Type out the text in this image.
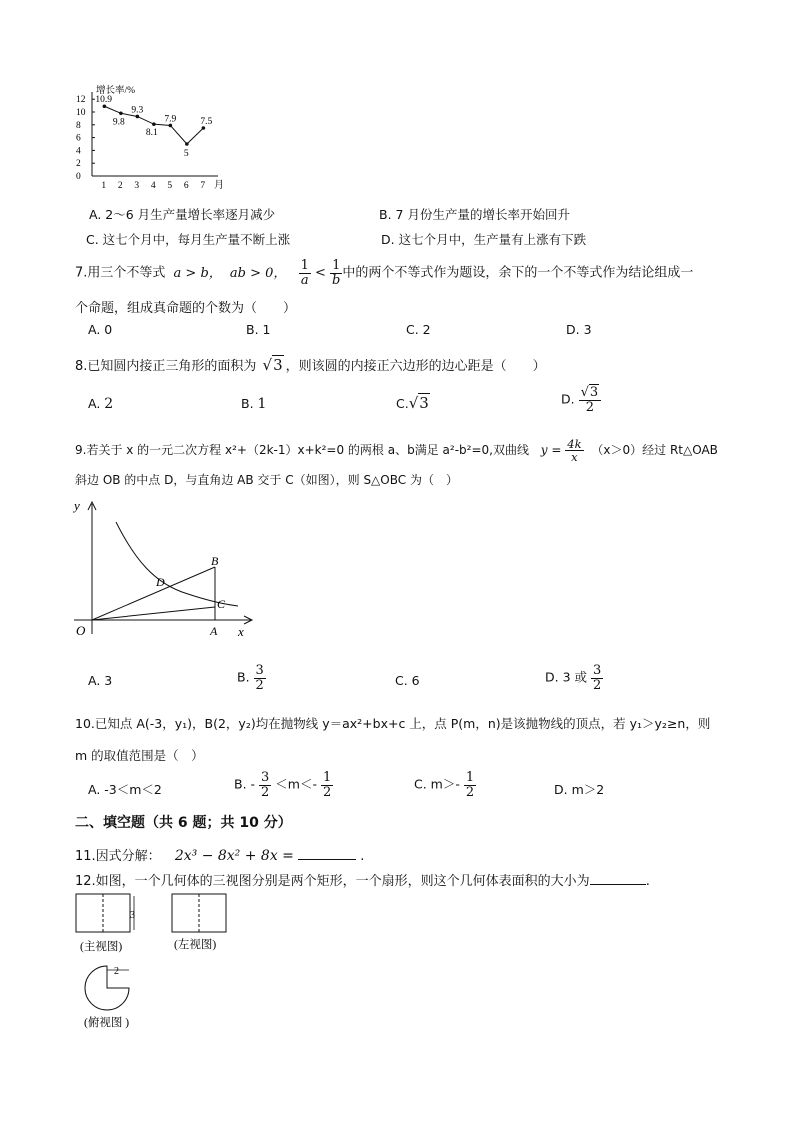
增长率/%
0
2
4
6
8
10
12
1 2 3 4 5 6 7
10.9
9.8
9.3
8.1
7.9
5
7.5
月
A. 2～6 月生产量增长率逐月减少	B. 7 月份生产量的增长率开始回升
C. 这七个月中，每月生产量不断上涨	D. 这七个月中，生产量有上涨有下跌
7.用三个不等式 a > b， ab > 0， $\frac{1}{a} < \frac{1}{b}$ 中的两个不等式作为题设，余下的一个不等式作为结论组成一
个命题，组成真命题的个数为（　　）
A. 0	B. 1	C. 2	D. 3
8.已知圆内接正三角形的面积为 √3 ，则该圆的内接正六边形的边心距是（　　）
A. 2	B. 1	C.√3	D. $\frac{√3}{2}$
9.若关于 x 的一元二次方程 x²+（2k-1）x+k²=0 的两根 a、b满足 a²-b²=0,双曲线 $y = \frac{4k}{x} (x>0)$经过 Rt△OAB
斜边 OB 的中点 D，与直角边 AB 交于 C（如图），则 S△OBC 为（　）
y
x
O	A
B
C
D
A. 3	B. $\frac{3}{2}$	C. 6	D. 3 或 $\frac{3}{2}$
10.已知点 A(-3，y₁)，B(2，y₂)均在抛物线 y＝ax²+bx+c 上，点 P(m，n)是该抛物线的顶点，若 y₁＞y₂≥n，则
m 的取值范围是（　）
A. -3＜m＜2	B. - $\frac{3}{2} <m<- \frac{1}{2}$	C. $m>- \frac{1}{2}$	D. m＞2
二、填空题（共 6 题；共 10 分）
11.因式分解： 2x³ − 8x² + 8x =	.
12.如图，一个几何体的三视图分别是两个矩形，一个扇形，则这个几何体表面积的大小为	.
3
(主视图)	(左视图)
2
(俯视图 )
